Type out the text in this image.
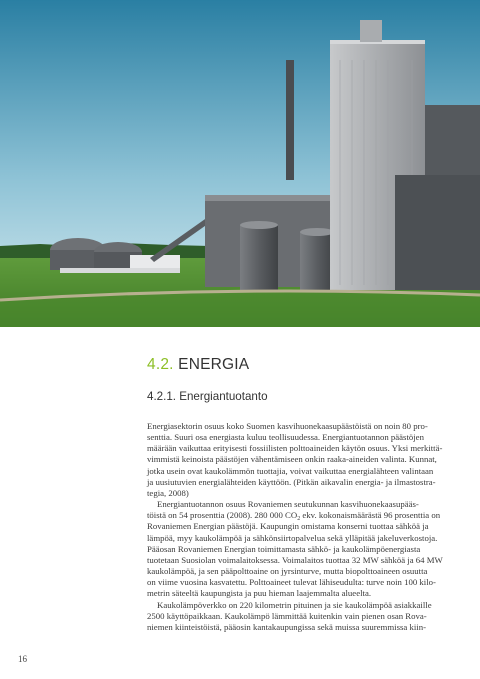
4.2. ENERGIA
4.2.1. Energiantuotanto
Energiasektorin osuus koko Suomen kasvihuonekaasupäästöistä on noin 80 pro-
senttia. Suuri osa energiasta kuluu teollisuudessa. Energiantuotannon päästöjen
määrään vaikuttaa erityisesti fossiilisten polttoaineiden käytön osuus. Yksi merkittä-
vimmistä keinoista päästöjen vähentämiseen onkin raaka-aineiden valinta. Kunnat,
jotka usein ovat kaukolämmön tuottajia, voivat vaikuttaa energialähteen valintaan
ja uusiutuvien energialähteiden käyttöön. (Pitkän aikavalin energia- ja ilmastostra-
tegia, 2008)
Energiantuotannon osuus Rovaniemen seutukunnan kasvihuonekaasupääs-
töistä on 54 prosenttia (2008). 280 000 $CO_2$ ekv. kokonaismäärästä 96 prosenttia on
Rovaniemen Energian päästöjä. Kaupungin omistama konserni tuottaa sähköä ja
lämpöä, myy kaukolämpöä ja sähkönsiirtopalvelua sekä ylläpitää jakeluverkostoja.
Pääosan Rovaniemen Energian toimittamasta sähkö- ja kaukolämpöenergiasta
tuotetaan Suosiolan voimalaitoksessa. Voimalaitos tuottaa 32 MW sähköä ja 64 MW
kaukolämpöä, ja sen pääpolttoaine on jyrsinturve, mutta biopolttoaineen osuutta
on viime vuosina kasvatettu. Polttoaineet tulevat lähiseudulta: turve noin 100 kilo-
metrin säteeltä kaupungista ja puu hieman laajemmalta alueelta.
Kaukolämpöverkko on 220 kilometrin pituinen ja sie kaukolämpöä asiakkaille
2500 käyttöpaikkaan. Kaukolämpö lämmittää kuitenkin vain pienen osan Rova-
niemen kiinteistöistä, pääosin kantakaupungissa sekä muissa suuremmissa kiin-
16
